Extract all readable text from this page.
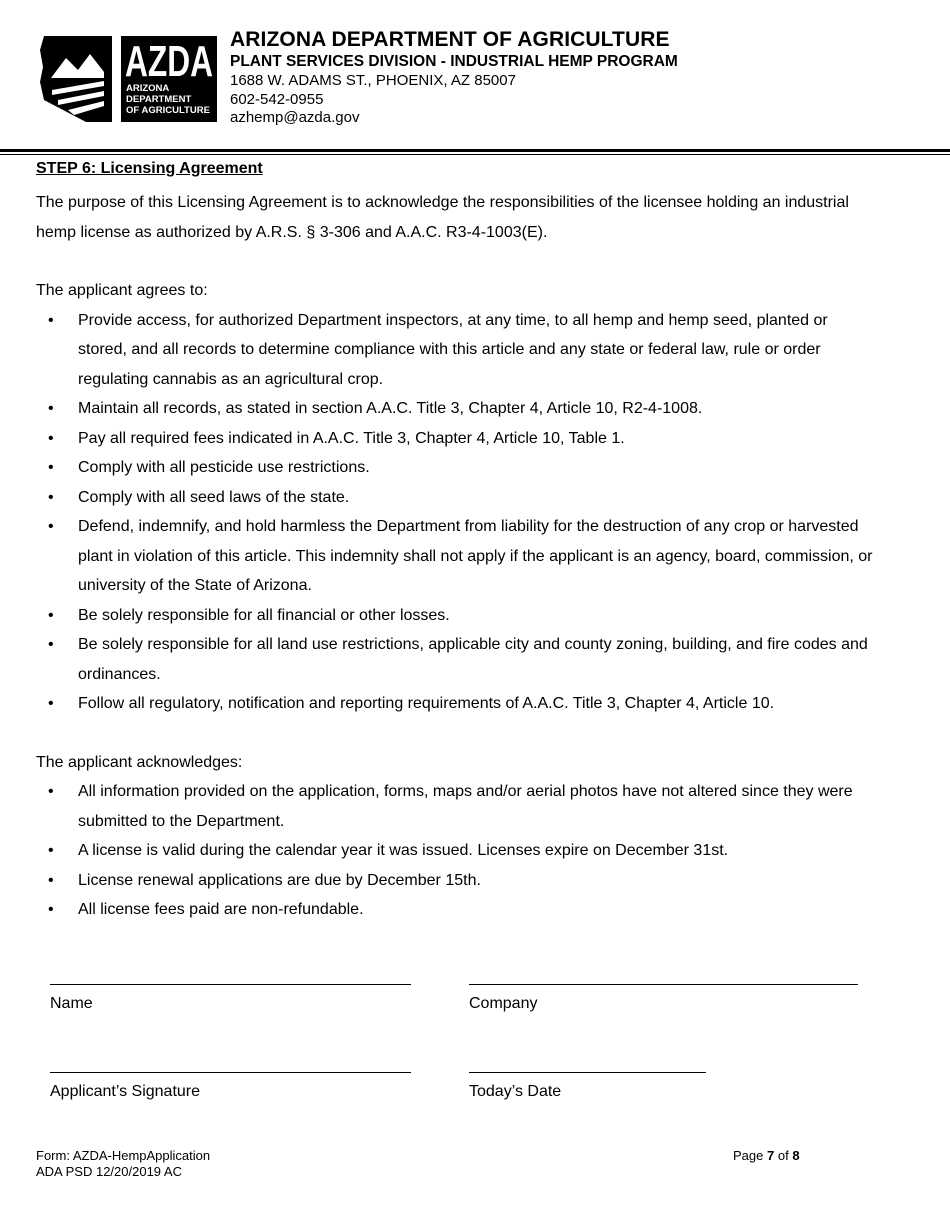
AZDA
ARIZONA
DEPARTMENT
OF AGRICULTURE
ARIZONA DEPARTMENT OF AGRICULTURE
PLANT SERVICES DIVISION - INDUSTRIAL HEMP PROGRAM
1688 W. ADAMS ST., PHOENIX, AZ 85007
602-542-0955
azhemp@azda.gov

STEP 6: Licensing Agreement

The purpose of this Licensing Agreement is to acknowledge the responsibilities of the licensee holding an industrial hemp license as authorized by A.R.S. § 3-306 and A.A.C. R3-4-1003(E).

The applicant agrees to:

• Provide access, for authorized Department inspectors, at any time, to all hemp and hemp seed, planted or stored, and all records to determine compliance with this article and any state or federal law, rule or order regulating cannabis as an agricultural crop.
• Maintain all records, as stated in section A.A.C. Title 3, Chapter 4, Article 10, R2-4-1008.
• Pay all required fees indicated in A.A.C. Title 3, Chapter 4, Article 10, Table 1.
• Comply with all pesticide use restrictions.
• Comply with all seed laws of the state.
• Defend, indemnify, and hold harmless the Department from liability for the destruction of any crop or harvested plant in violation of this article. This indemnity shall not apply if the applicant is an agency, board, commission, or university of the State of Arizona.
• Be solely responsible for all financial or other losses.
• Be solely responsible for all land use restrictions, applicable city and county zoning, building, and fire codes and ordinances.
• Follow all regulatory, notification and reporting requirements of A.A.C. Title 3, Chapter 4, Article 10.

The applicant acknowledges:

• All information provided on the application, forms, maps and/or aerial photos have not altered since they were submitted to the Department.
• A license is valid during the calendar year it was issued. Licenses expire on December 31st.
• License renewal applications are due by December 15th.
• All license fees paid are non-refundable.
Name	Company
Applicant’s Signature	Today’s Date
Form: AZDA-HempApplication
ADA PSD 12/20/2019 AC
Page 7 of 8
